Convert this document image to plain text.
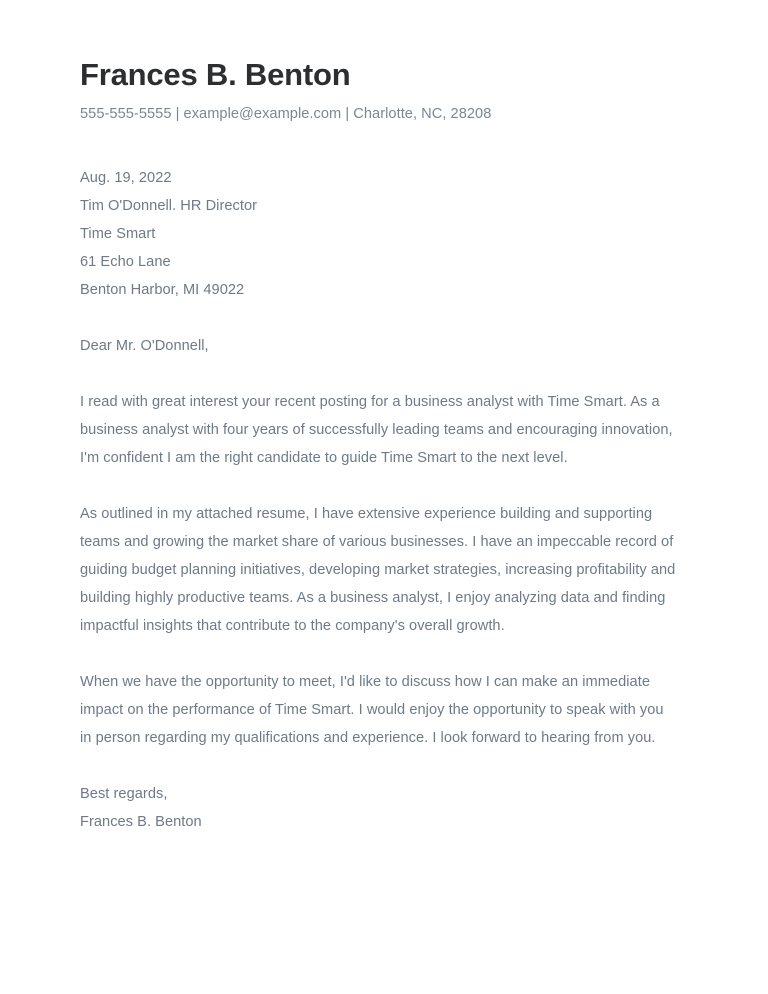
Frances B. Benton

555-555-5555 | example@example.com | Charlotte, NC, 28208

Aug. 19, 2022

Tim O'Donnell. HR Director

Time Smart

61 Echo Lane

Benton Harbor, MI 49022

Dear Mr. O'Donnell,

I read with great interest your recent posting for a business analyst with Time Smart. As a business analyst with four years of successfully leading teams and encouraging innovation, I'm confident I am the right candidate to guide Time Smart to the next level.

As outlined in my attached resume, I have extensive experience building and supporting teams and growing the market share of various businesses. I have an impeccable record of guiding budget planning initiatives, developing market strategies, increasing profitability and building highly productive teams. As a business analyst, I enjoy analyzing data and finding impactful insights that contribute to the company's overall growth.

When we have the opportunity to meet, I'd like to discuss how I can make an immediate impact on the performance of Time Smart. I would enjoy the opportunity to speak with you in person regarding my qualifications and experience. I look forward to hearing from you.

Best regards,

Frances B. Benton
